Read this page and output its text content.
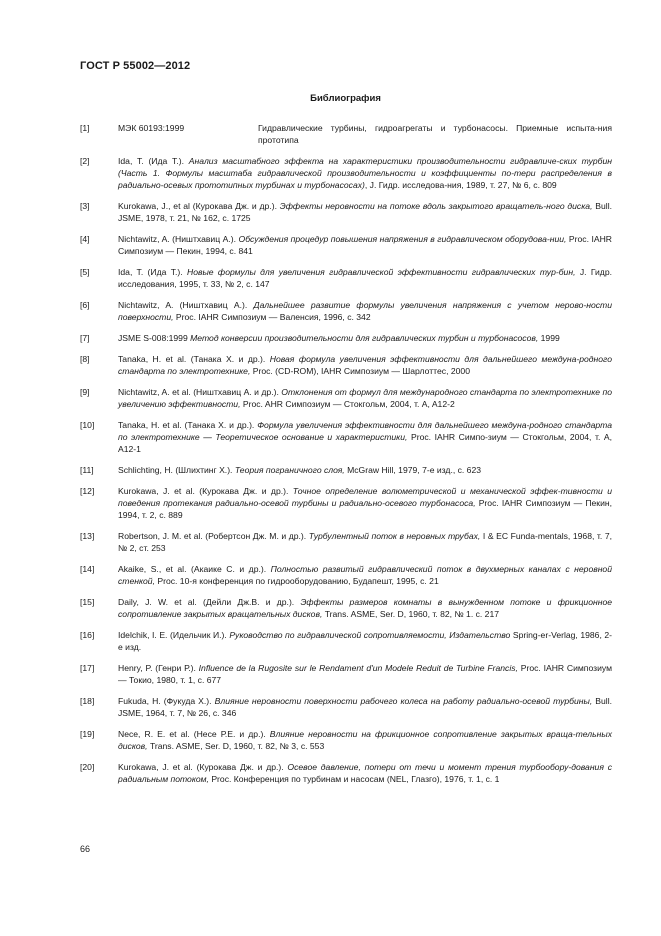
ГОСТ Р 55002—2012
Библиография
[1]	МЭК 60193:1999	Гидравлические турбины, гидроагрегаты и турбонасосы. Приемные испыта-ния прототипа
[2]	Ida, T. (Ида Т.). Анализ масштабного эффекта на характеристики производительности гидравличе-ских турбин (Часть 1. Формулы масштаба гидравлической производительности и коэффициенты по-тери распределения в радиально-осевых прототипных турбинах и турбонасосах), J. Гидр. исследова-ния, 1989, т. 27, № 6, с. 809
[3]	Kurokawa, J., et al (Курокава Дж. и др.). Эффекты неровности на потоке вдоль закрытого вращатель-ного диска, Bull. JSME, 1978, т. 21, № 162, с. 1725
[4]	Nichtawitz, A. (Ништхавиц А.). Обсуждения процедур повышения напряжения в гидравлическом оборудова-нии, Proc. IAHR Симпозиум — Пекин, 1994, с. 841
[5]	Ida, T. (Ида Т.). Новые формулы для увеличения гидравлической эффективности гидравлических тур-бин, J. Гидр. исследования, 1995, т. 33, № 2, с. 147
[6]	Nichtawitz, A. (Ништхавиц А.). Дальнейшее развитие формулы увеличения напряжения с учетом нерово-ности поверхности, Proc. IAHR Симпозиум — Валенсия, 1996, с. 342
[7]	JSME S-008:1999 Метод конверсии производительности для гидравлических турбин и турбонасосов, 1999
[8]	Tanaka, H. et al. (Танака Х. и др.). Новая формула увеличения эффективности для дальнейшего междуна-родного стандарта по электротехнике, Proc. (CD-ROM), IAHR Симпозиум — Шарлоттес, 2000
[9]	Nichtawitz, A. et al. (Ништхавиц А. и др.). Отклонения от формул для международного стандарта по электротехнике по увеличению эффективности, Proc. AHR Симпозиум — Стокгольм, 2004, т. A, A12-2
[10]	Tanaka, H. et al. (Танака Х. и др.). Формула увеличения эффективности для дальнейшего междуна-родного стандарта по электротехнике — Теоретическое основание и характеристики, Proc. IAHR Симпо-зиум — Стокгольм, 2004, т. A, A12-1
[11]	Schlichting, H. (Шлихтинг Х.). Теория пограничного слоя, McGraw Hill, 1979, 7-е изд., с. 623
[12]	Kurokawa, J. et al. (Курокава Дж. и др.). Точное определение волюметрической и механической эффек-тивности и поведения протекания радиально-осевой турбины и радиально-осевого турбонасоса, Proc. IAHR Симпозиум — Пекин, 1994, т. 2, с. 889
[13]	Robertson, J. M. et al. (Робертсон Дж. М. и др.). Турбулентный поток в неровных трубах, I & EC Funda-mentals, 1968, т. 7, № 2, ст. 253
[14]	Akaike, S., et al. (Акаике С. и др.). Полностью развитый гидравлический поток в двухмерных каналах с неровной стенкой, Proc. 10-я конференция по гидрооборудованию, Будапешт, 1995, с. 21
[15]	Daily, J. W. et al. (Дейли Дж.В. и др.). Эффекты размеров комнаты в вынужденном потоке и фрикционное сопротивление закрытых вращательных дисков, Trans. ASME, Ser. D, 1960, т. 82, № 1. с. 217
[16]	Idelchik, I. E. (Идельчик И.). Руководство по гидравлической сопротивляемости, Издательство Spring-er-Verlag, 1986, 2-е изд.
[17]	Henry, P. (Генри Р.). Influence de la Rugosite sur le Rendament d'un Modele Reduit de Turbine Francis, Proc. IAHR Симпозиум — Токио, 1980, т. 1, с. 677
[18]	Fukuda, H. (Фукуда Х.). Влияние неровности поверхности рабочего колеса на работу радиально-осевой турбины, Bull. JSME, 1964, т. 7, № 26, с. 346
[19]	Nece, R. E. et al. (Несе Р.Е. и др.). Влияние неровности на фрикционное сопротивление закрытых враща-тельных дисков, Trans. ASME, Ser. D, 1960, т. 82, № 3, с. 553
[20]	Kurokawa, J. et al. (Курокава Дж. и др.). Осевое давление, потери от течи и момент трения турбообору-дования с радиальным потоком, Proc. Конференция по турбинам и насосам (NEL, Глазго), 1976, т. 1, с. 1
66
